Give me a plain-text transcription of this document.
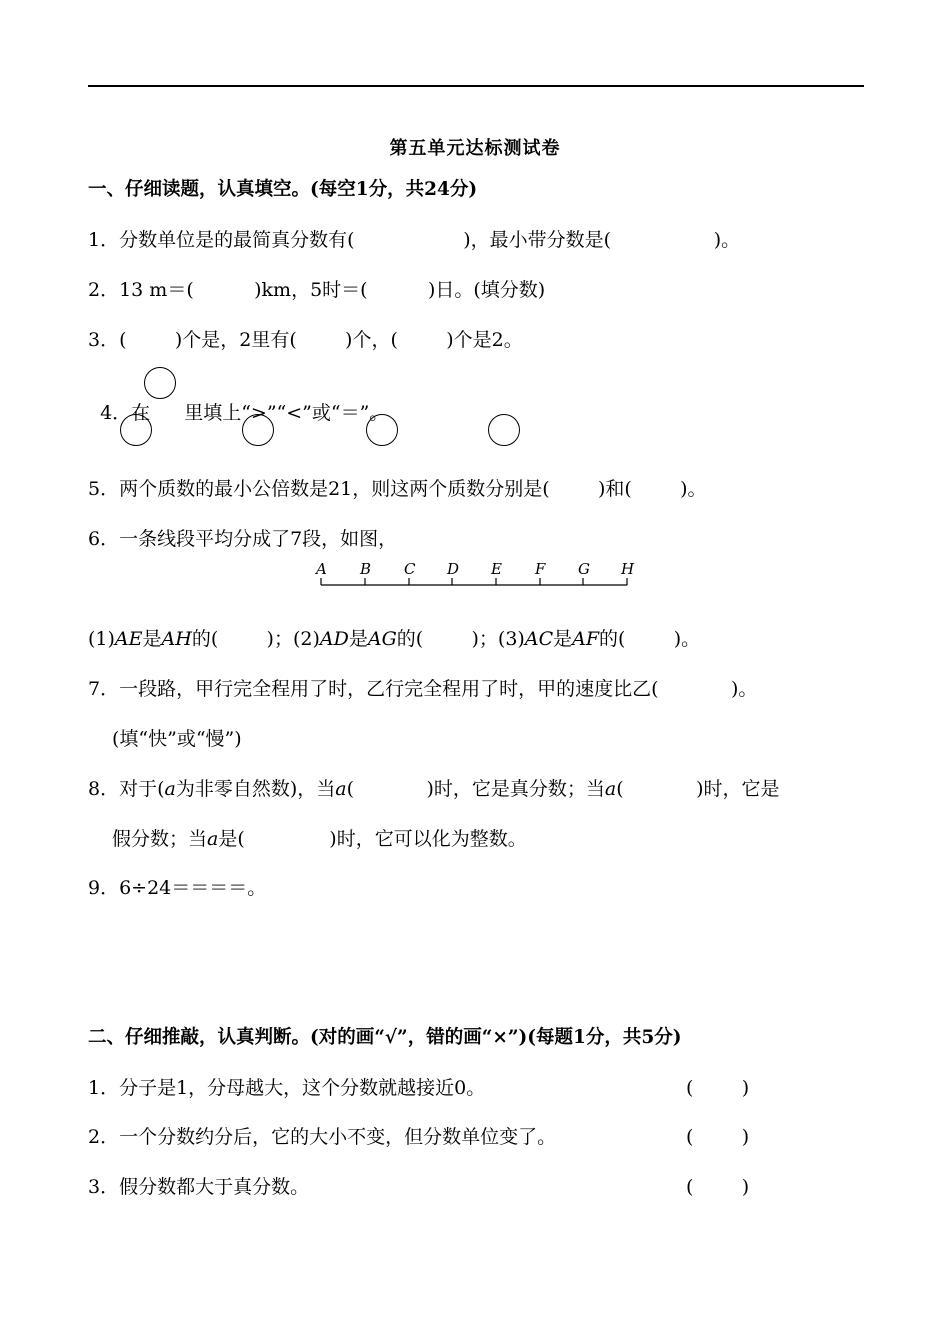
第五单元达标测试卷
一、仔细读题，认真填空。(每空1分，共24分)
1．分数单位是的最简真分数有(                  )，最小带分数是(                 )。
2．13 m＝(          )km，5时＝(          )日。(填分数)
3．(        )个是，2里有(        )个，(        )个是2。

4．在 里填上“>”“<”或“＝”。

5．两个质数的最小公倍数是21，则这两个质数分别是(        )和(        )。
6．一条线段平均分成了7段，如图，
A B C D E F G H
(1)AE是AH的(        )；(2)AD是AG的(        )；(3)AC是AF的(        )。
7．一段路，甲行完全程用了时，乙行完全程用了时，甲的速度比乙(            )。
(填“快”或“慢”)
8．对于(a为非零自然数)，当a(            )时，它是真分数；当a(            )时，它是
假分数；当a是(              )时，它可以化为整数。
9．6÷24＝＝＝＝。
二、仔细推敲，认真判断。(对的画“√”，错的画“×”)(每题1分，共5分)
1．分子是1，分母越大，这个分数就越接近0。	(        )
2．一个分数约分后，它的大小不变，但分数单位变了。	(        )
3．假分数都大于真分数。	(        )
